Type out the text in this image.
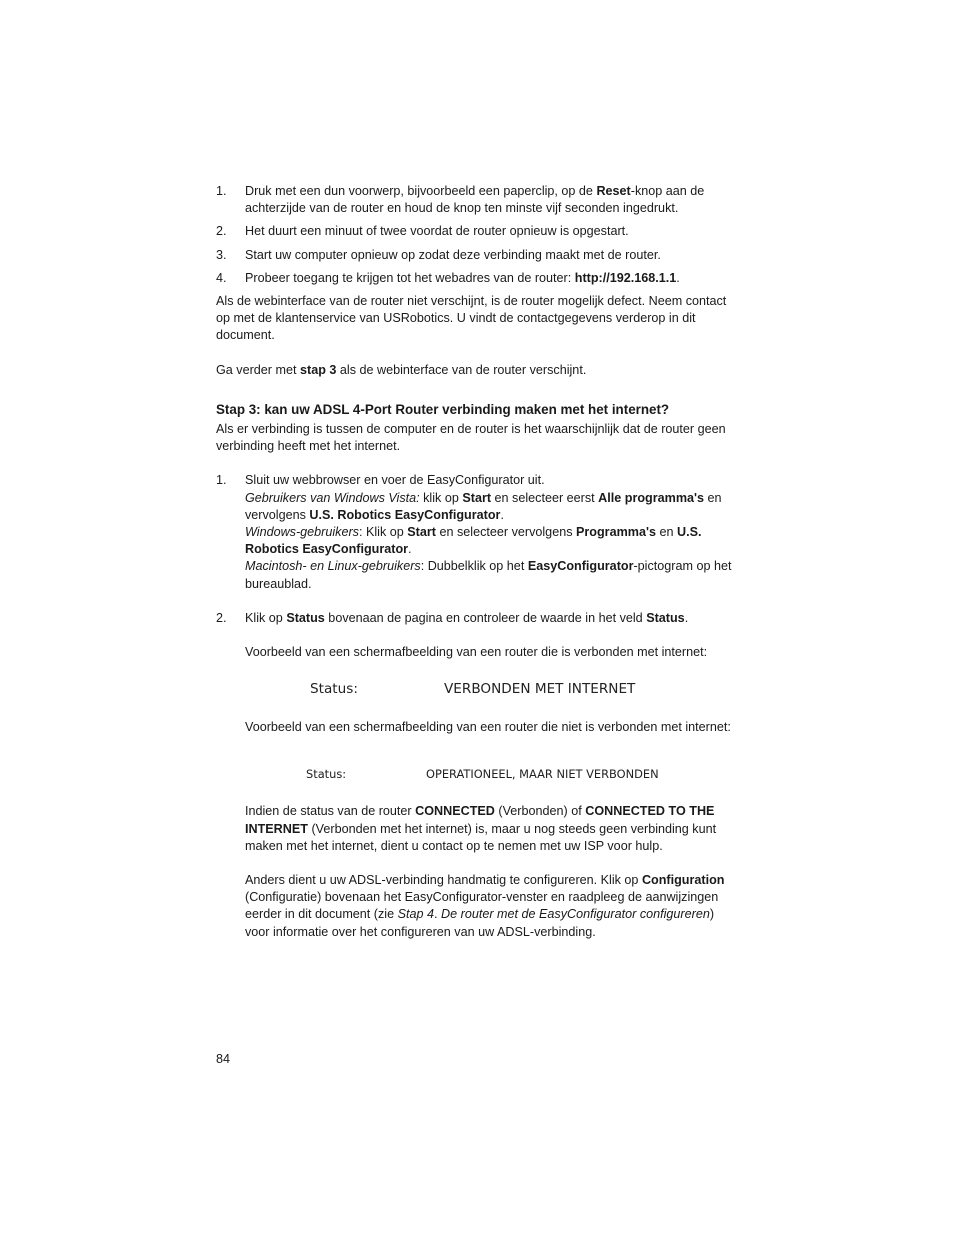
1. Druk met een dun voorwerp, bijvoorbeeld een paperclip, op de Reset-knop aan de achterzijde van de router en houd de knop ten minste vijf seconden ingedrukt.
2. Het duurt een minuut of twee voordat de router opnieuw is opgestart.
3. Start uw computer opnieuw op zodat deze verbinding maakt met de router.
4. Probeer toegang te krijgen tot het webadres van de router: http://192.168.1.1.

Als de webinterface van de router niet verschijnt, is de router mogelijk defect. Neem contact op met de klantenservice van USRobotics. U vindt de contactgegevens verderop in dit document.

Ga verder met stap 3 als de webinterface van de router verschijnt.

Stap 3: kan uw ADSL 4-Port Router verbinding maken met het internet?

Als er verbinding is tussen de computer en de router is het waarschijnlijk dat de router geen verbinding heeft met het internet.

1. Sluit uw webbrowser en voer de EasyConfigurator uit.
Gebruikers van Windows Vista: klik op Start en selecteer eerst Alle programma's en vervolgens U.S. Robotics EasyConfigurator.
Windows-gebruikers: Klik op Start en selecteer vervolgens Programma's en U.S. Robotics EasyConfigurator.
Macintosh- en Linux-gebruikers: Dubbelklik op het EasyConfigurator-pictogram op het bureaublad.
2. Klik op Status bovenaan de pagina en controleer de waarde in het veld Status.
Voorbeeld van een schermafbeelding van een router die is verbonden met internet:
Status:	VERBONDEN MET INTERNET
Voorbeeld van een schermafbeelding van een router die niet is verbonden met internet:
Status:	OPERATIONEEL, MAAR NIET VERBONDEN

Indien de status van de router CONNECTED (Verbonden) of CONNECTED TO THE INTERNET (Verbonden met het internet) is, maar u nog steeds geen verbinding kunt maken met het internet, dient u contact op te nemen met uw ISP voor hulp.

Anders dient u uw ADSL-verbinding handmatig te configureren. Klik op Configuration (Configuratie) bovenaan het EasyConfigurator-venster en raadpleeg de aanwijzingen eerder in dit document (zie Stap 4. De router met de EasyConfigurator configureren) voor informatie over het configureren van uw ADSL-verbinding.

84
